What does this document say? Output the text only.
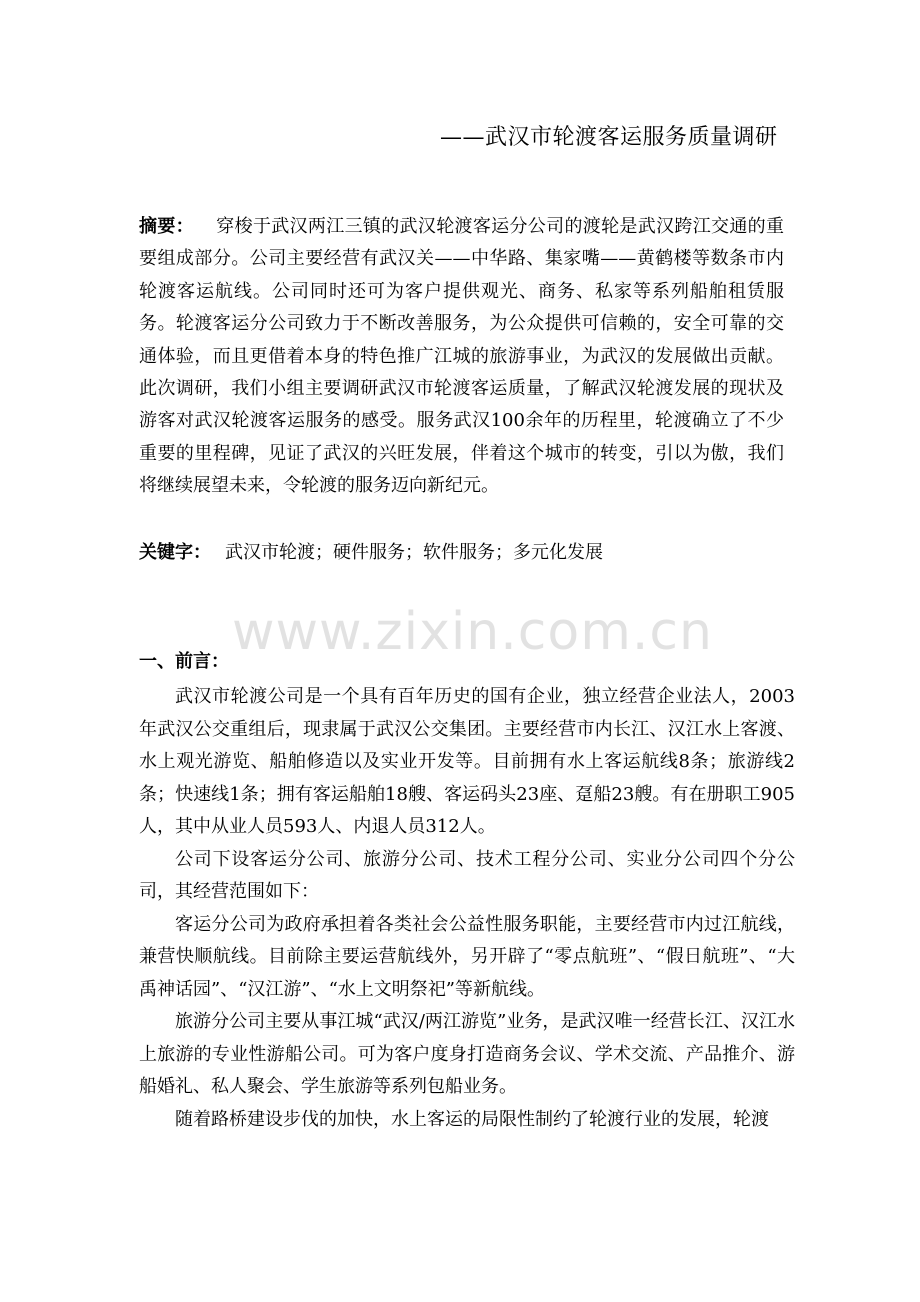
——武汉市轮渡客运服务质量调研

摘要： 穿梭于武汉两江三镇的武汉轮渡客运分公司的渡轮是武汉跨江交通的重要组成部分。公司主要经营有武汉关——中华路、集家嘴——黄鹤楼等数条市内轮渡客运航线。公司同时还可为客户提供观光、商务、私家等系列船舶租赁服务。轮渡客运分公司致力于不断改善服务，为公众提供可信赖的，安全可靠的交通体验，而且更借着本身的特色推广江城的旅游事业，为武汉的发展做出贡献。此次调研，我们小组主要调研武汉市轮渡客运质量，了解武汉轮渡发展的现状及游客对武汉轮渡客运服务的感受。服务武汉100余年的历程里，轮渡确立了不少重要的里程碑，见证了武汉的兴旺发展，伴着这个城市的转变，引以为傲，我们将继续展望未来，令轮渡的服务迈向新纪元。

关键字： 武汉市轮渡；硬件服务；软件服务；多元化发展

www.zixin.com.cn
一、前言：

武汉市轮渡公司是一个具有百年历史的国有企业，独立经营企业法人，2003年武汉公交重组后，现隶属于武汉公交集团。主要经营市内长江、汉江水上客渡、水上观光游览、船舶修造以及实业开发等。目前拥有水上客运航线8条；旅游线2条；快速线1条；拥有客运船舶18艘、客运码头23座、趸船23艘。有在册职工905人，其中从业人员593人、内退人员312人。

公司下设客运分公司、旅游分公司、技术工程分公司、实业分公司四个分公司，其经营范围如下：

客运分公司为政府承担着各类社会公益性服务职能，主要经营市内过江航线，兼营快顺航线。目前除主要运营航线外，另开辟了“零点航班”、“假日航班”、“大禹神话园”、“汉江游”、“水上文明祭祀”等新航线。

旅游分公司主要从事江城“武汉/两江游览”业务，是武汉唯一经营长江、汉江水上旅游的专业性游船公司。可为客户度身打造商务会议、学术交流、产品推介、游船婚礼、私人聚会、学生旅游等系列包船业务。

随着路桥建设步伐的加快，水上客运的局限性制约了轮渡行业的发展，轮渡
